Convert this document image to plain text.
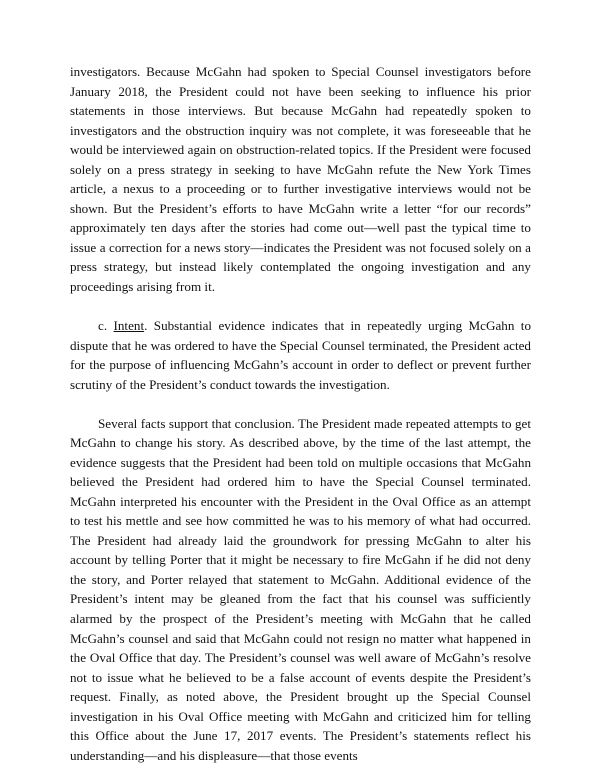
investigators. Because McGahn had spoken to Special Counsel investigators before January 2018, the President could not have been seeking to influence his prior statements in those interviews. But because McGahn had repeatedly spoken to investigators and the obstruction inquiry was not complete, it was foreseeable that he would be interviewed again on obstruction-related topics. If the President were focused solely on a press strategy in seeking to have McGahn refute the New York Times article, a nexus to a proceeding or to further investigative interviews would not be shown. But the President’s efforts to have McGahn write a letter “for our records” approximately ten days after the stories had come out—well past the typical time to issue a correction for a news story—indicates the President was not focused solely on a press strategy, but instead likely contemplated the ongoing investigation and any proceedings arising from it.

c. Intent. Substantial evidence indicates that in repeatedly urging McGahn to dispute that he was ordered to have the Special Counsel terminated, the President acted for the purpose of influencing McGahn’s account in order to deflect or prevent further scrutiny of the President’s conduct towards the investigation.

Several facts support that conclusion. The President made repeated attempts to get McGahn to change his story. As described above, by the time of the last attempt, the evidence suggests that the President had been told on multiple occasions that McGahn believed the President had ordered him to have the Special Counsel terminated. McGahn interpreted his encounter with the President in the Oval Office as an attempt to test his mettle and see how committed he was to his memory of what had occurred. The President had already laid the groundwork for pressing McGahn to alter his account by telling Porter that it might be necessary to fire McGahn if he did not deny the story, and Porter relayed that statement to McGahn. Additional evidence of the President’s intent may be gleaned from the fact that his counsel was sufficiently alarmed by the prospect of the President’s meeting with McGahn that he called McGahn’s counsel and said that McGahn could not resign no matter what happened in the Oval Office that day. The President’s counsel was well aware of McGahn’s resolve not to issue what he believed to be a false account of events despite the President’s request. Finally, as noted above, the President brought up the Special Counsel investigation in his Oval Office meeting with McGahn and criticized him for telling this Office about the June 17, 2017 events. The President’s statements reflect his understanding—and his displeasure—that those events
